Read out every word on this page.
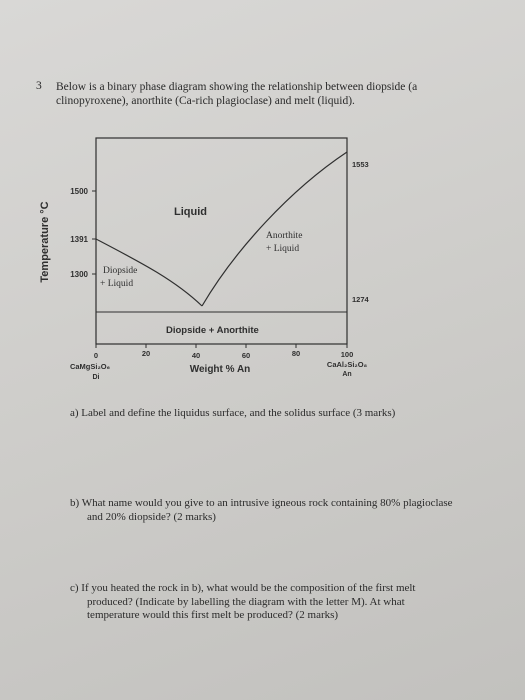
3 Below is a binary phase diagram showing the relationship between diopside (a
clinopyroxene), anorthite (Ca-rich plagioclase) and melt (liquid).
Temperature °C
1500
1391
1300
1553
1274
Liquid
Anorthite
+ Liquid
Diopside
+ Liquid
Diopside + Anorthite
0	20	40	60	80	100
CaMgSi₂O₆
Di
CaAl₂Si₂O₈
An
Weight % An
a) Label and define the liquidus surface, and the solidus surface (3 marks)
b) What name would you give to an intrusive igneous rock containing 80% plagioclase
and 20% diopside? (2 marks)
c) If you heated the rock in b), what would be the composition of the first melt
produced? (Indicate by labelling the diagram with the letter M). At what
temperature would this first melt be produced? (2 marks)
